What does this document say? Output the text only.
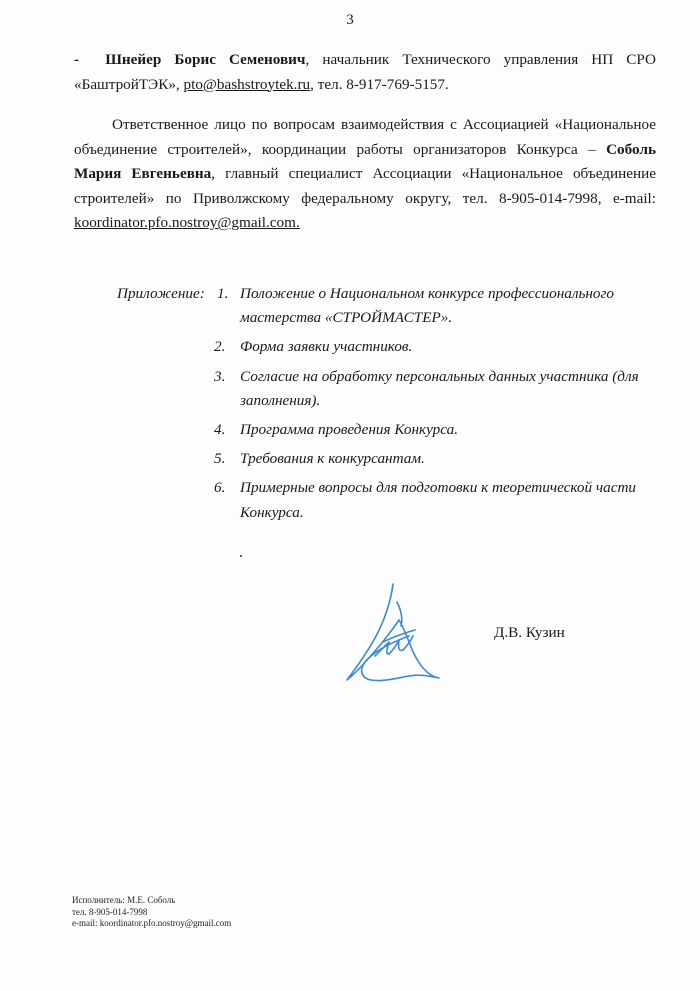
3
- Шнейер Борис Семенович, начальник Технического управления НП СРО «БаштройТЭК», pto@bashstroytek.ru, тел. 8-917-769-5157.
Ответственное лицо по вопросам взаимодействия с Ассоциацией «Национальное объединение строителей», координации работы организаторов Конкурса – Соболь Мария Евгеньевна, главный специалист Ассоциации «Национальное объединение строителей» по Приволжскому федеральному округу, тел. 8-905-014-7998, e-mail: koordinator.pfo.nostroy@gmail.com.
Приложение: 1. Положение о Национальном конкурсе профессионального мастерства «СТРОЙМАСТЕР».
2. Форма заявки участников.
3. Согласие на обработку персональных данных участника (для заполнения).
4. Программа проведения Конкурса.
5. Требования к конкурсантам.
6. Примерные вопросы для подготовки к теоретической части Конкурса.
Д.В. Кузин
Исполнитель: М.Е. Соболь
тел. 8-905-014-7998
e-mail: koordinator.pfo.nostroy@gmail.com
